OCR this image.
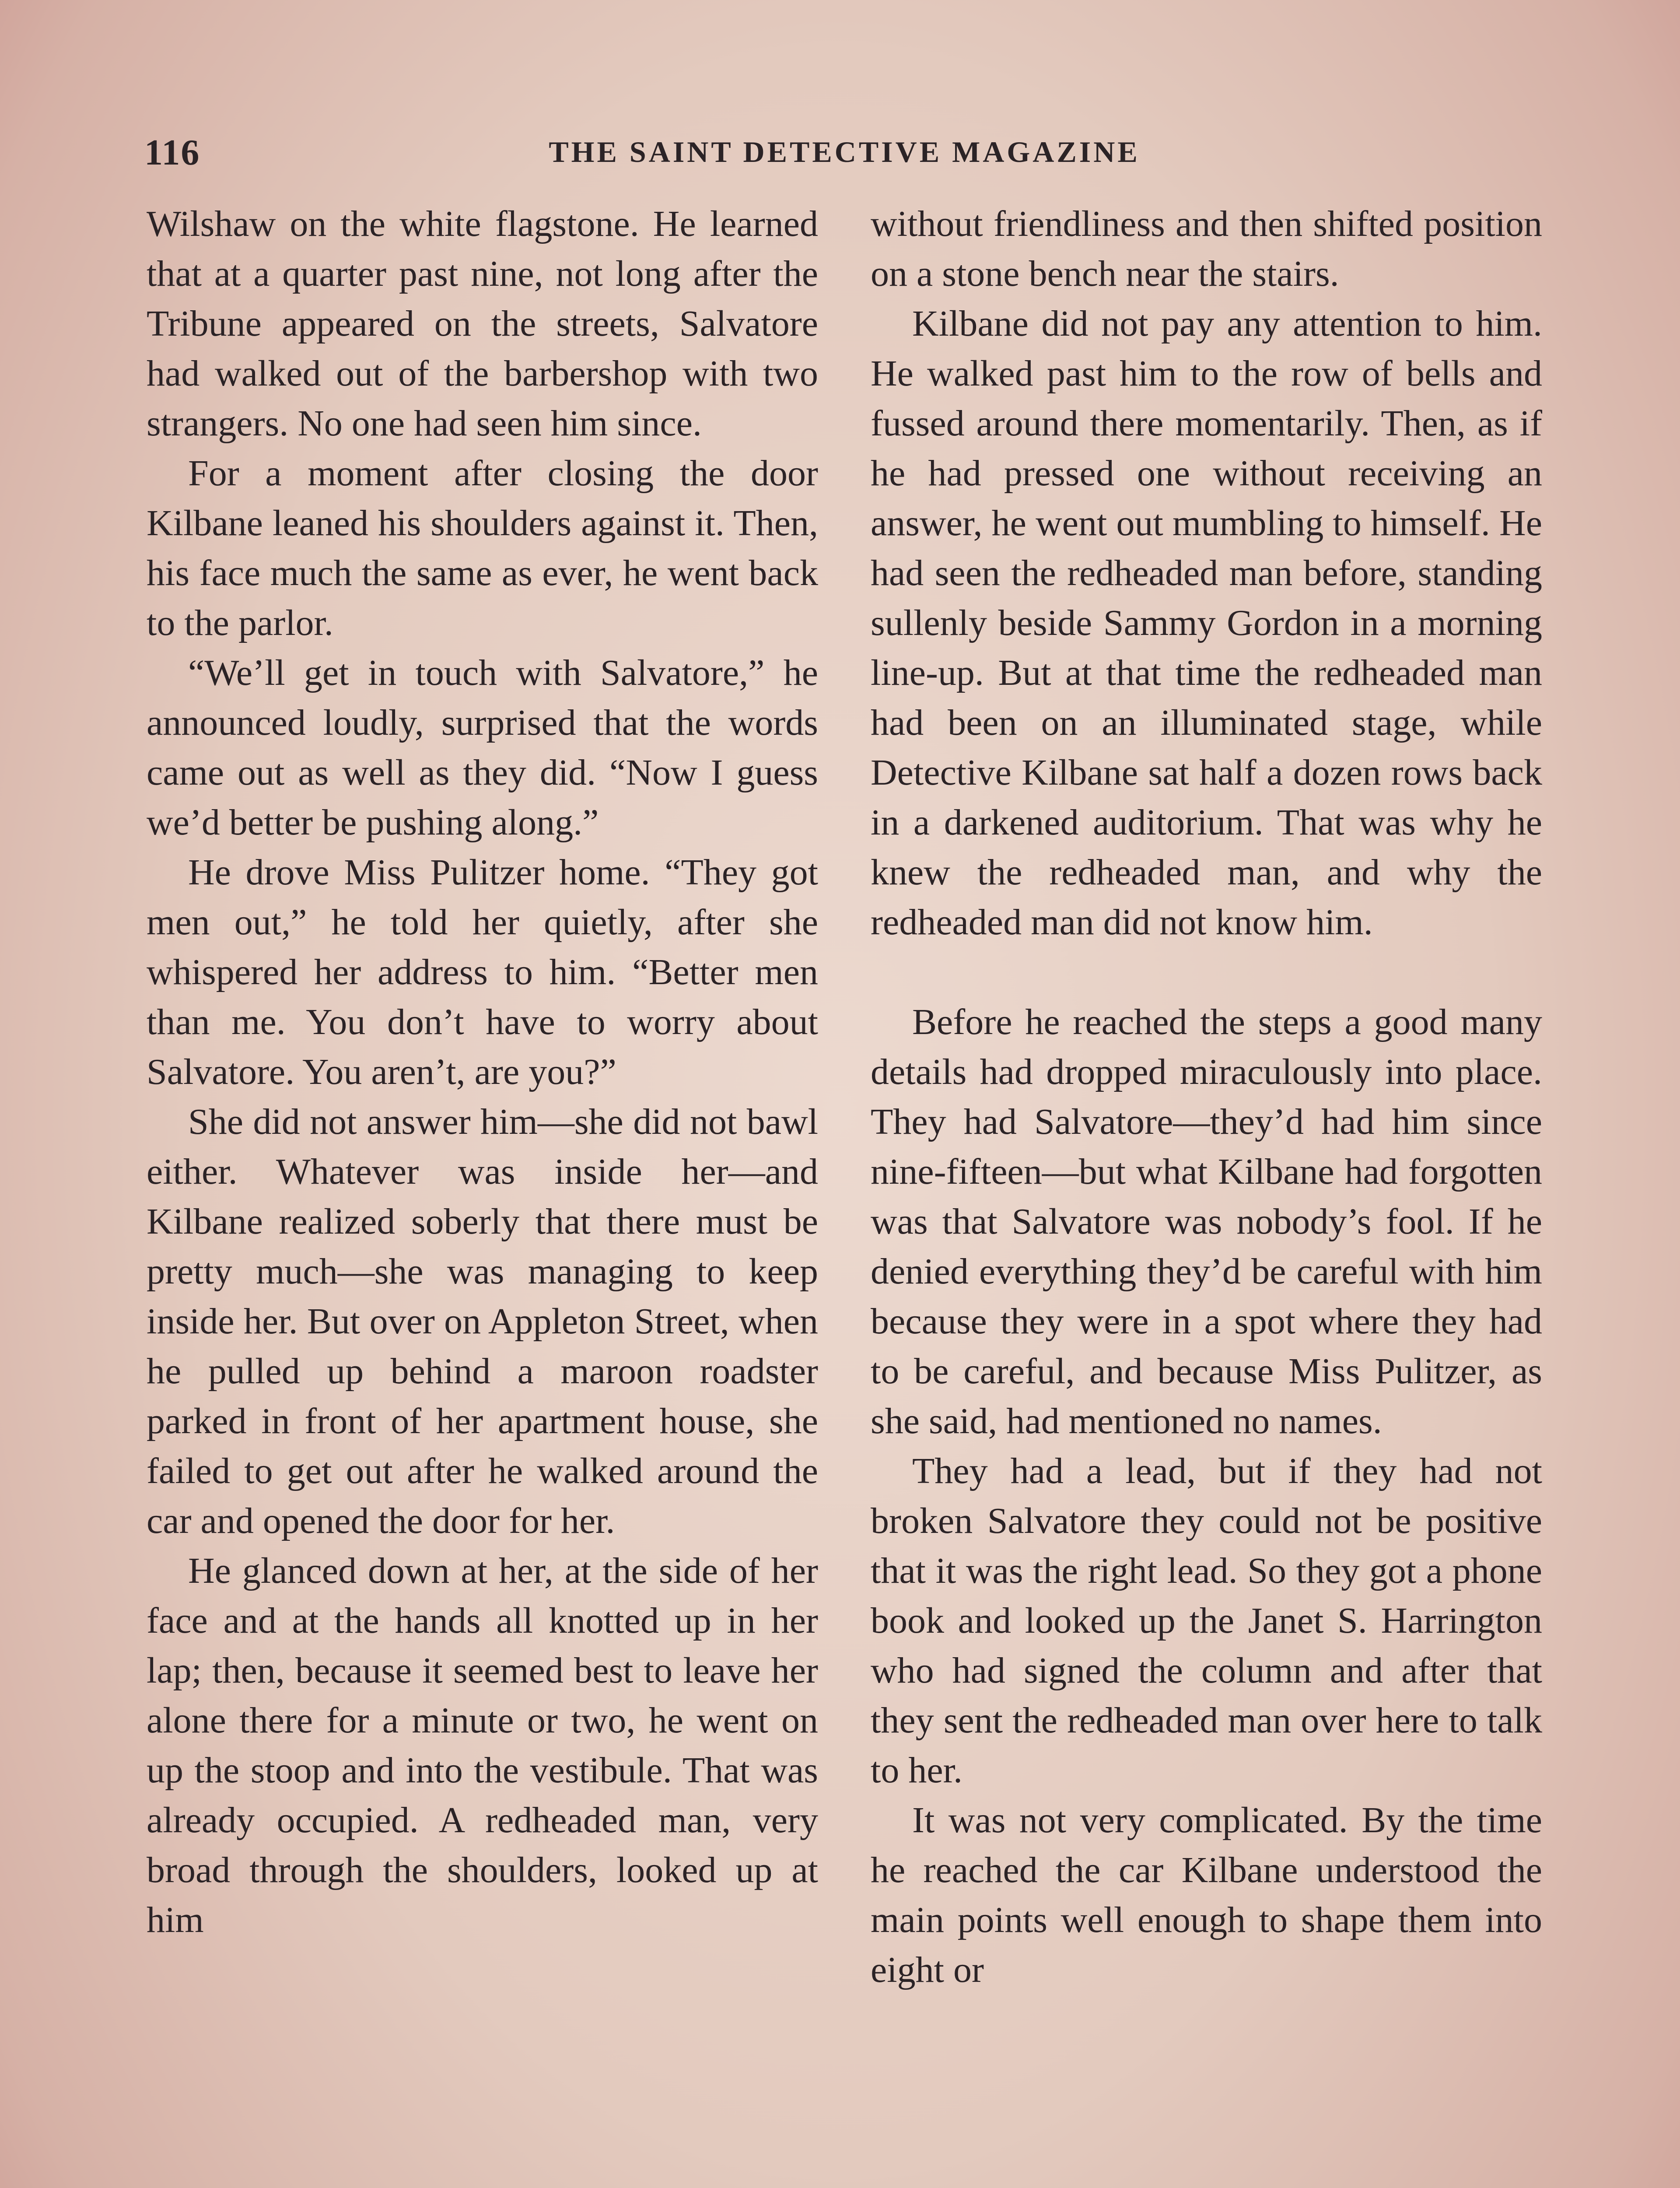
116	THE SAINT DETECTIVE MAGAZINE

Wilshaw on the white flagstone. He learned that at a quarter past nine, not long after the Tribune appeared on the streets, Salvatore had walked out of the barbershop with two strangers. No one had seen him since.

For a moment after closing the door Kilbane leaned his shoulders against it. Then, his face much the same as ever, he went back to the parlor.

“We’ll get in touch with Salvatore,” he announced loudly, surprised that the words came out as well as they did. “Now I guess we’d better be pushing along.”

He drove Miss Pulitzer home. “They got men out,” he told her quietly, after she whispered her address to him. “Better men than me. You don’t have to worry about Salvatore. You aren’t, are you?”

She did not answer him—she did not bawl either. Whatever was inside her—and Kilbane realized soberly that there must be pretty much—she was managing to keep inside her. But over on Appleton Street, when he pulled up behind a maroon roadster parked in front of her apartment house, she failed to get out after he walked around the car and opened the door for her.

He glanced down at her, at the side of her face and at the hands all knotted up in her lap; then, because it seemed best to leave her alone there for a minute or two, he went on up the stoop and into the vestibule. That was already occupied. A redheaded man, very broad through the shoulders, looked up at him

without friendliness and then shifted position on a stone bench near the stairs.

Kilbane did not pay any attention to him. He walked past him to the row of bells and fussed around there momentarily. Then, as if he had pressed one without receiving an answer, he went out mumbling to himself. He had seen the redheaded man before, standing sullenly beside Sammy Gordon in a morning line-up. But at that time the redheaded man had been on an illuminated stage, while Detective Kilbane sat half a dozen rows back in a darkened auditorium. That was why he knew the redheaded man, and why the redheaded man did not know him.

Before he reached the steps a good many details had dropped miraculously into place. They had Salvatore—they’d had him since nine-fifteen—but what Kilbane had forgotten was that Salvatore was nobody’s fool. If he denied everything they’d be careful with him because they were in a spot where they had to be careful, and because Miss Pulitzer, as she said, had mentioned no names.

They had a lead, but if they had not broken Salvatore they could not be positive that it was the right lead. So they got a phone book and looked up the Janet S. Harrington who had signed the column and after that they sent the redheaded man over here to talk to her.

It was not very complicated. By the time he reached the car Kilbane understood the main points well enough to shape them into eight or
